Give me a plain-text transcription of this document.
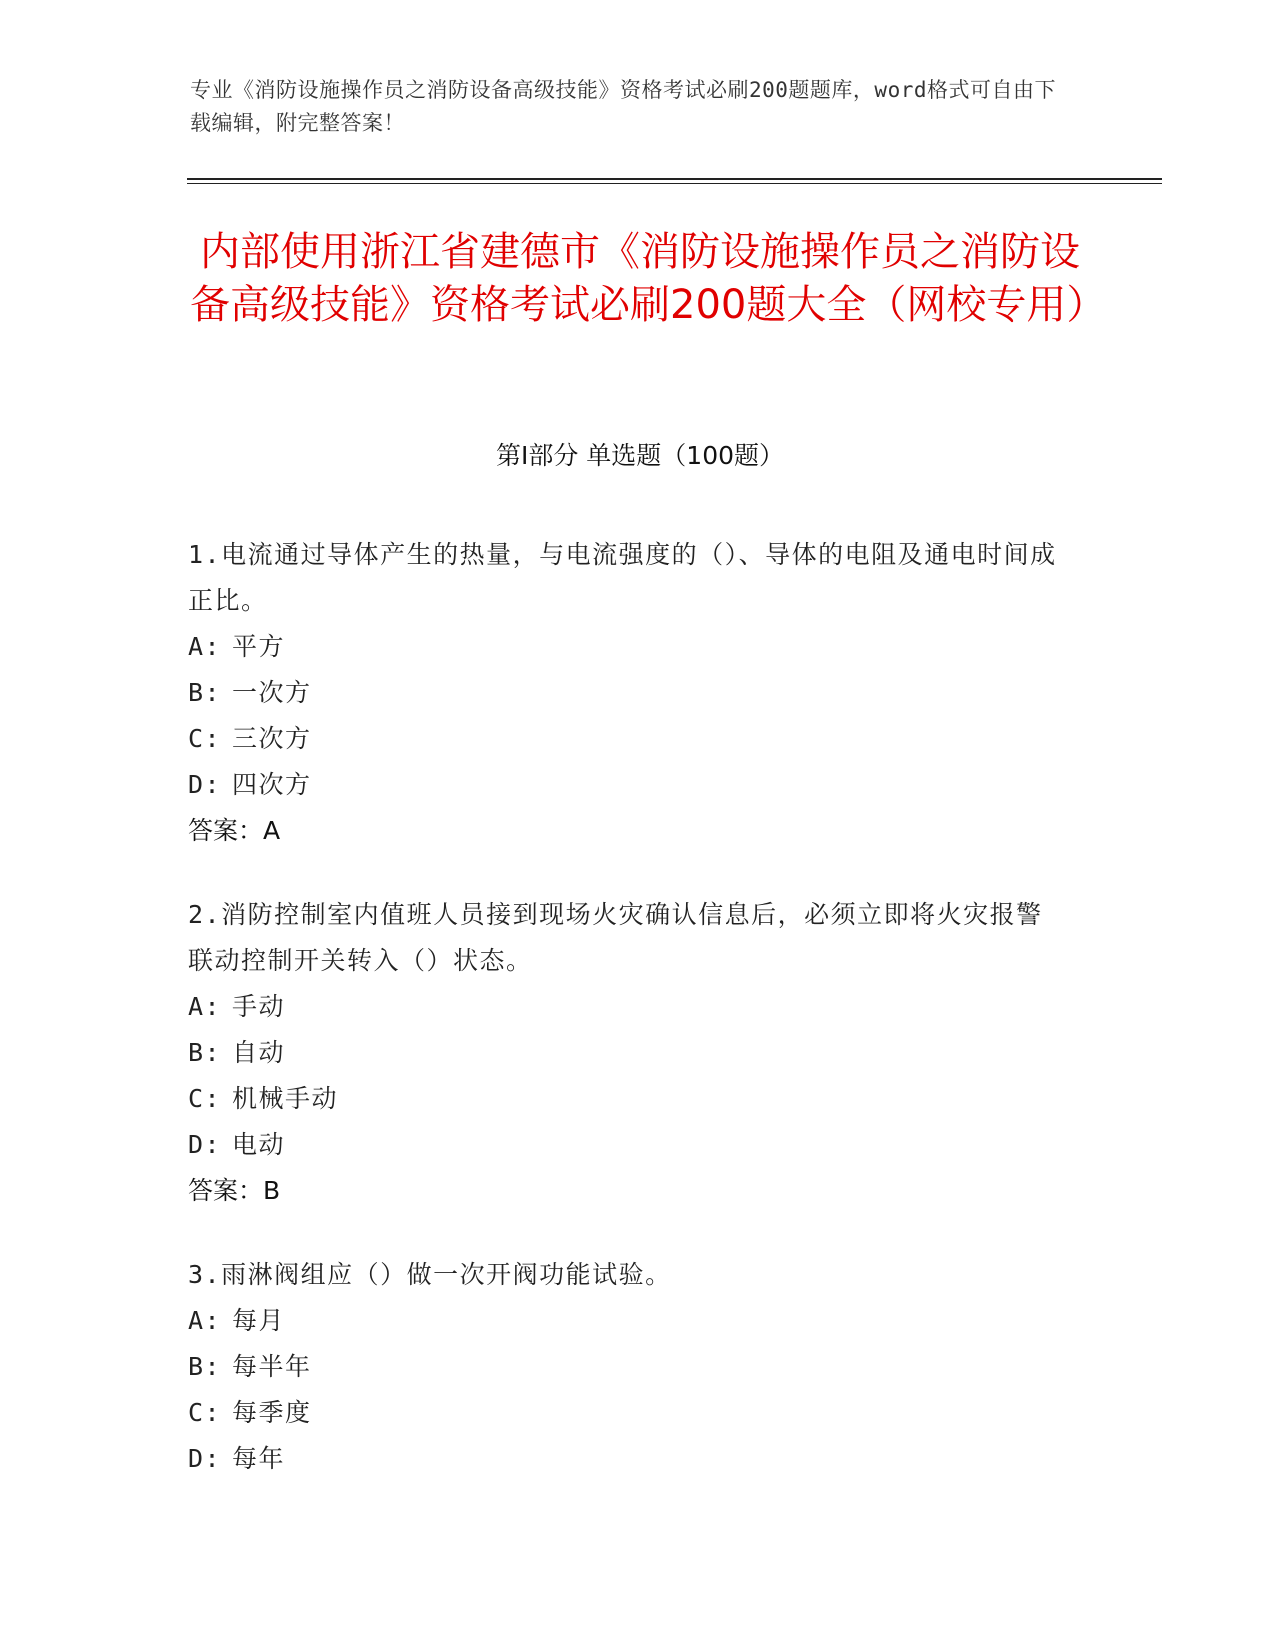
专业《消防设施操作员之消防设备高级技能》资格考试必刷200题题库，word格式可自由下载编辑，附完整答案！
内部使用浙江省建德市《消防设施操作员之消防设备高级技能》资格考试必刷200题大全（网校专用）
第Ⅰ部分 单选题（100题）
1.电流通过导体产生的热量，与电流强度的（）、导体的电阻及通电时间成正比。
A: 平方
B: 一次方
C: 三次方
D: 四次方
答案：A
2.消防控制室内值班人员接到现场火灾确认信息后，必须立即将火灾报警联动控制开关转入（）状态。
A: 手动
B: 自动
C: 机械手动
D: 电动
答案：B
3.雨淋阀组应（）做一次开阀功能试验。
A: 每月
B: 每半年
C: 每季度
D: 每年
